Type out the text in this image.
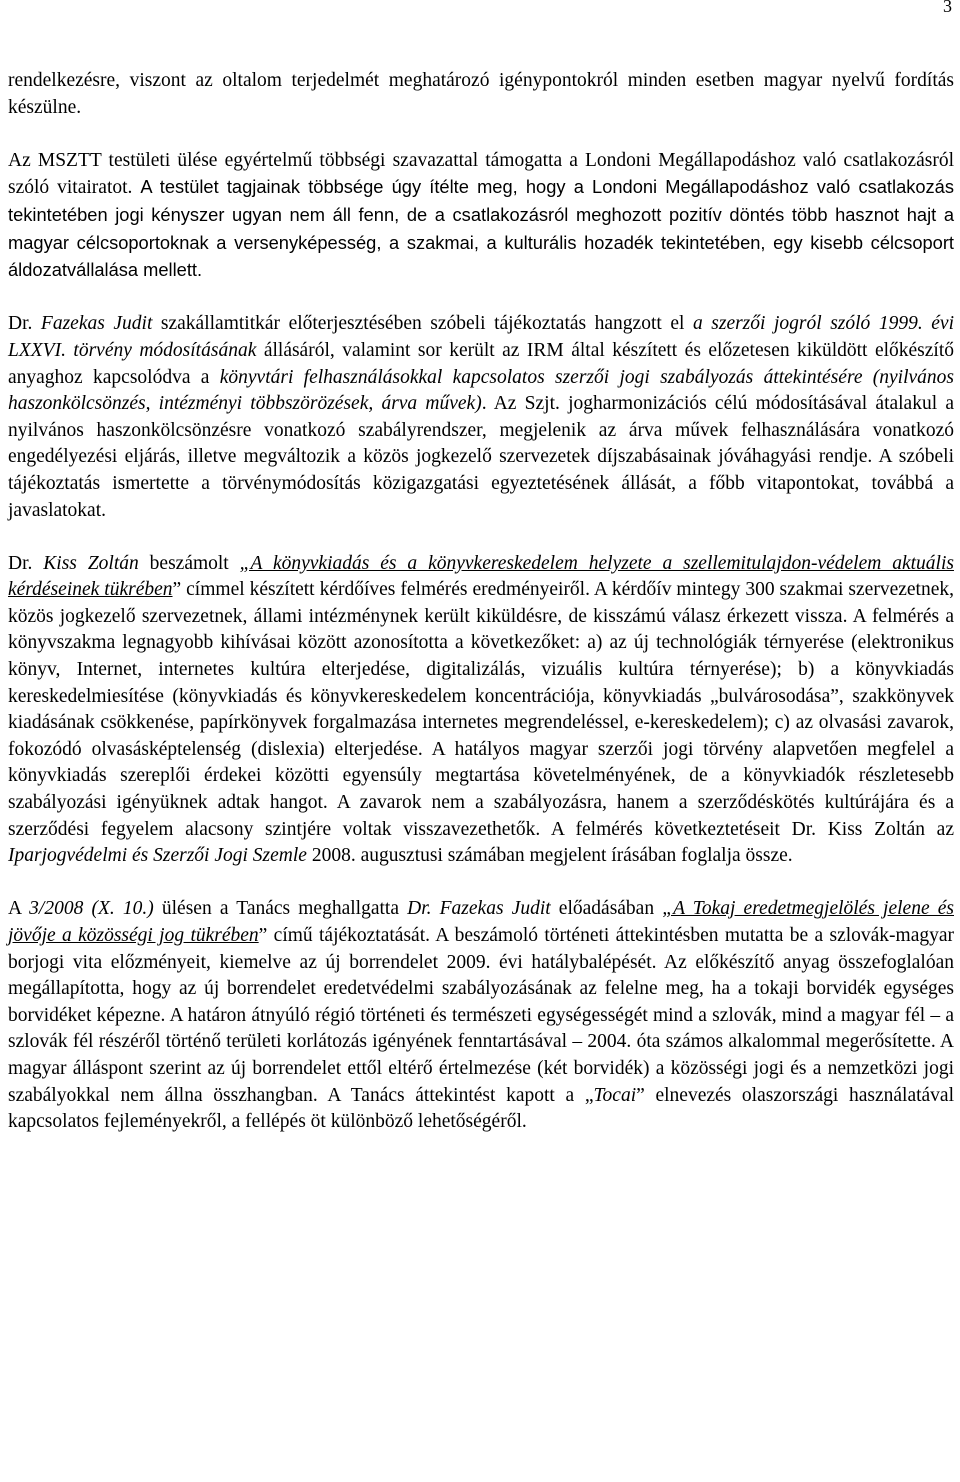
3

rendelkezésre, viszont az oltalom terjedelmét meghatározó igénypontokról minden esetben magyar nyelvű fordítás készülne.

Az MSZTT testületi ülése egyértelmű többségi szavazattal támogatta a Londoni Megállapodáshoz való csatlakozásról szóló vitairatot. A testület tagjainak többsége úgy ítélte meg, hogy a Londoni Megállapodáshoz való csatlakozás tekintetében jogi kényszer ugyan nem áll fenn, de a csatlakozásról meghozott pozitív döntés több hasznot hajt a magyar célcsoportoknak a versenyképesség, a szakmai, a kulturális hozadék tekintetében, egy kisebb célcsoport áldozatvállalása mellett.

Dr. Fazekas Judit szakállamtitkár előterjesztésében szóbeli tájékoztatás hangzott el a szerzői jogról szóló 1999. évi LXXVI. törvény módosításának állásáról, valamint sor került az IRM által készített és előzetesen kiküldött előkészítő anyaghoz kapcsolódva a könyvtári felhasználásokkal kapcsolatos szerzői jogi szabályozás áttekintésére (nyilvános haszonkölcsönzés, intézményi többszörözések, árva művek). Az Szjt. jogharmonizációs célú módosításával átalakul a nyilvános haszonkölcsönzésre vonatkozó szabályrendszer, megjelenik az árva művek felhasználására vonatkozó engedélyezési eljárás, illetve megváltozik a közös jogkezelő szervezetek díjszabásainak jóváhagyási rendje. A szóbeli tájékoztatás ismertette a törvénymódosítás közigazgatási egyeztetésének állását, a főbb vitapontokat, továbbá a javaslatokat.

Dr. Kiss Zoltán beszámolt „A könyvkiadás és a könyvkereskedelem helyzete a szellemitulajdon-védelem aktuális kérdéseinek tükrében” címmel készített kérdőíves felmérés eredményeiről. A kérdőív mintegy 300 szakmai szervezetnek, közös jogkezelő szervezetnek, állami intézménynek került kiküldésre, de kisszámú válasz érkezett vissza. A felmérés a könyvszakma legnagyobb kihívásai között azonosította a következőket: a) az új technológiák térnyerése (elektronikus könyv, Internet, internetes kultúra elterjedése, digitalizálás, vizuális kultúra térnyerése); b) a könyvkiadás kereskedelmiesítése (könyvkiadás és könyvkereskedelem koncentrációja, könyvkiadás „bulvárosodása”, szakkönyvek kiadásának csökkenése, papírkönyvek forgalmazása internetes megrendeléssel, e-kereskedelem); c) az olvasási zavarok, fokozódó olvasásképtelenség (dislexia) elterjedése. A hatályos magyar szerzői jogi törvény alapvetően megfelel a könyvkiadás szereplői érdekei közötti egyensúly megtartása követelményének, de a könyvkiadók részletesebb szabályozási igényüknek adtak hangot. A zavarok nem a szabályozásra, hanem a szerződéskötés kultúrájára és a szerződési fegyelem alacsony szintjére voltak visszavezethetők. A felmérés következtetéseit Dr. Kiss Zoltán az Iparjogvédelmi és Szerzői Jogi Szemle 2008. augusztusi számában megjelent írásában foglalja össze.

A 3/2008 (X. 10.) ülésen a Tanács meghallgatta Dr. Fazekas Judit előadásában „A Tokaj eredetmegjelölés jelene és jövője a közösségi jog tükrében” című tájékoztatását. A beszámoló történeti áttekintésben mutatta be a szlovák-magyar borjogi vita előzményeit, kiemelve az új borrendelet 2009. évi hatálybalépését. Az előkészítő anyag összefoglalóan megállapította, hogy az új borrendelet eredetvédelmi szabályozásának az felelne meg, ha a tokaji borvidék egységes borvidéket képezne. A határon átnyúló régió történeti és természeti egységességét mind a szlovák, mind a magyar fél – a szlovák fél részéről történő területi korlátozás igényének fenntartásával – 2004. óta számos alkalommal megerősítette. A magyar álláspont szerint az új borrendelet ettől eltérő értelmezése (két borvidék) a közösségi jogi és a nemzetközi jogi szabályokkal nem állna összhangban. A Tanács áttekintést kapott a „Tocai” elnevezés olaszországi használatával kapcsolatos fejleményekről, a fellépés öt különböző lehetőségéről.
